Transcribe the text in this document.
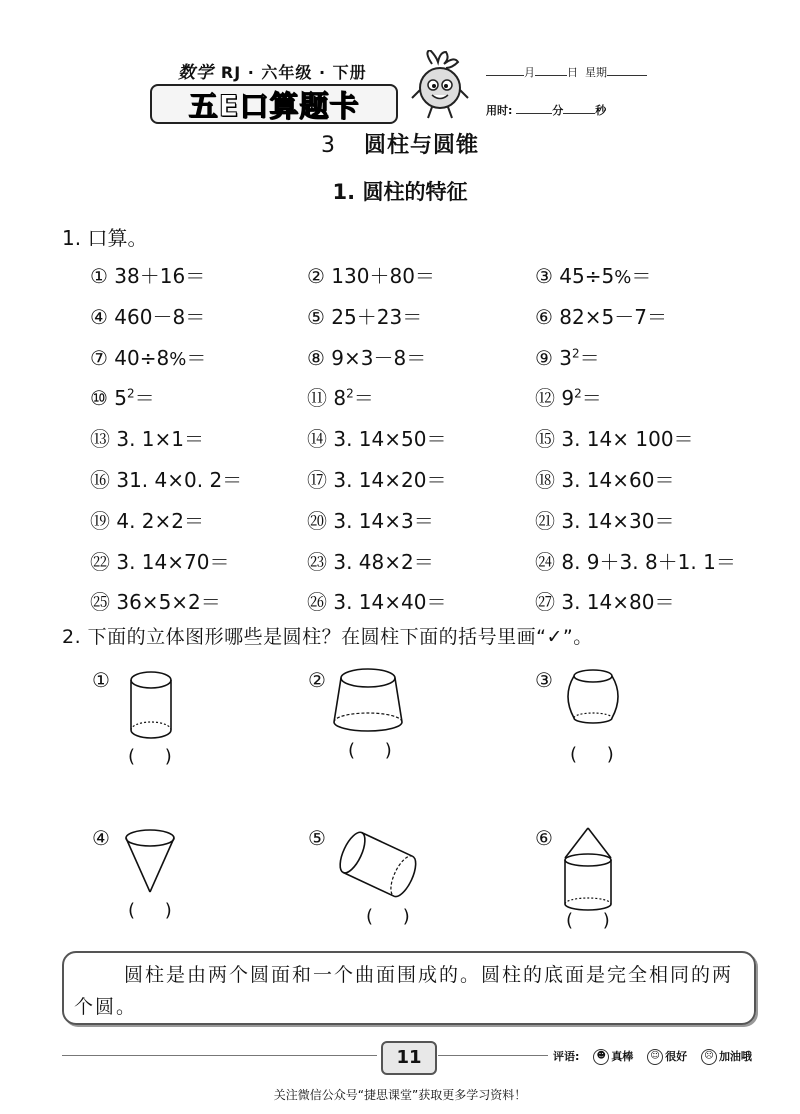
数学 RJ · 六年级 · 下册
五E口算题卡
月	日 星期
用时:	分	秒
3 圆柱与圆锥
1. 圆柱的特征
1. 口算。
① 38＋16＝	② 130＋80＝	③ 45÷5%＝
④ 460－8＝	⑤ 25＋23＝	⑥ 82×5－7＝
⑦ 40÷8%＝	⑧ 9×3－8＝	⑨ $3^2=$
⑩ $5^2=$	⑪ $8^2=$	⑫ $9^2=$
⑬ 3. 1×1＝	⑭ 3. 14×50＝	⑮ 3. 14× 100＝
⑯ 31. 4×0. 2＝	⑰ 3. 14×20＝	⑱ 3. 14×60＝
⑲ 4. 2×2＝	⑳ 3. 14×3＝	㉑ 3. 14×30＝
㉒ 3. 14×70＝	㉓ 3. 48×2＝	㉔ 8. 9＋3. 8＋1. 1＝
㉕ 36×5×2＝	㉖ 3. 14×40＝	㉗ 3. 14×80＝
2. 下面的立体图形哪些是圆柱？在圆柱下面的括号里画“✓”。
①
( )
②
( )
③
( )
④
( )
⑤
( )
⑥
( )
圆柱是由两个圆面和一个曲面围成的。圆柱的底面是完全相同的两个圆。
11	评语: ☻ 真棒 ☺ 很好 ☹ 加油哦
关注微信公众号“捷思课堂”获取更多学习资料！
